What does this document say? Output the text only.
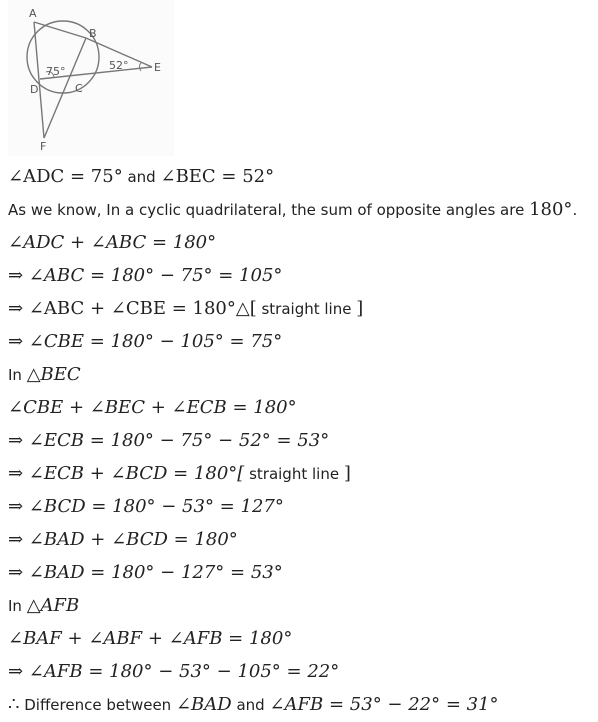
A
B
C
D
E
F
75°	52°
∠ADC = 75° and ∠BEC = 52°
As we know, In a cyclic quadrilateral, the sum of opposite angles are 180°.
∠ADC + ∠ABC = 180°
⇒ ∠ABC = 180° − 75° = 105°
⇒ ∠ABC + ∠CBE = 180°△[ straight line ]
⇒ ∠CBE = 180° − 105° = 75°
In △BEC
∠CBE + ∠BEC + ∠ECB = 180°
⇒ ∠ECB = 180° − 75° − 52° = 53°
⇒ ∠ECB + ∠BCD = 180°[ straight line ]
⇒ ∠BCD = 180° − 53° = 127°
⇒ ∠BAD + ∠BCD = 180°
⇒ ∠BAD = 180° − 127° = 53°
In △AFB
∠BAF + ∠ABF + ∠AFB = 180°
⇒ ∠AFB = 180° − 53° − 105° = 22°
∴ Difference between ∠BAD and ∠AFB = 53° − 22° = 31°
